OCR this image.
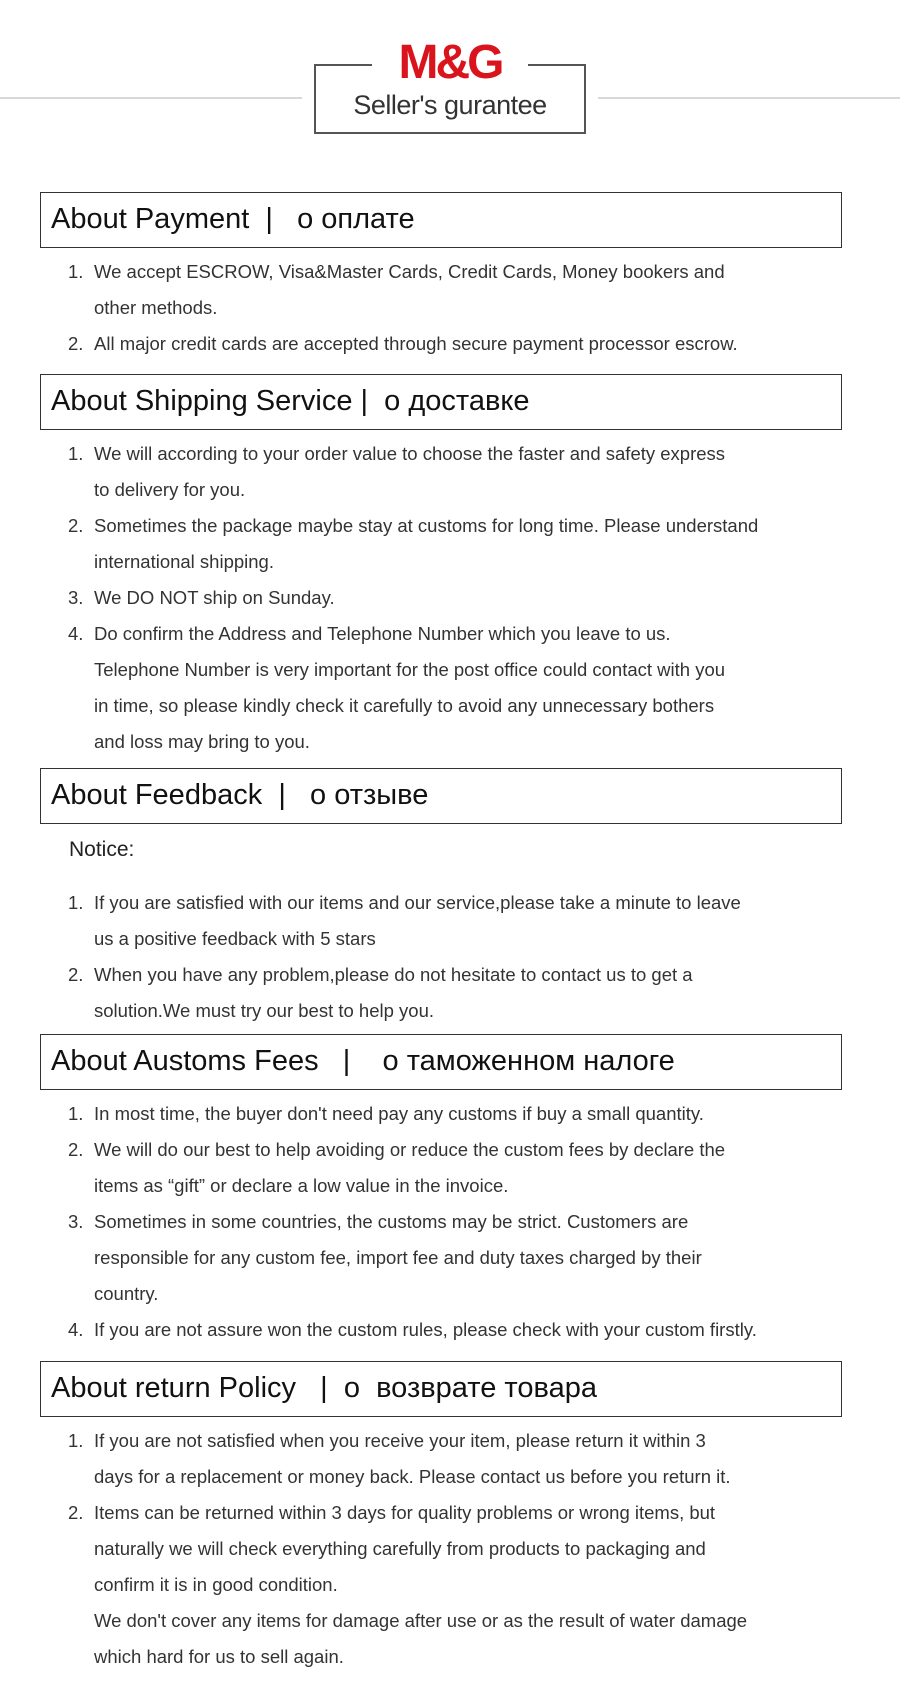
M&G
Seller's gurantee
About Payment  |   о оплате
1. We accept ESCROW, Visa&Master Cards, Credit Cards, Money bookers and
other methods.
2. All major credit cards are accepted through secure payment processor escrow.
About Shipping Service |  о доставке
1. We will according to your order value to choose the faster and safety express
to delivery for you.
2. Sometimes the package maybe stay at customs for long time. Please understand
international shipping.
3. We DO NOT ship on Sunday.
4. Do confirm the Address and Telephone Number which you leave to us.
Telephone Number is very important for the post office could contact with you
in time, so please kindly check it carefully to avoid any unnecessary bothers
and loss may bring to you.
About Feedback  |   о отзыве
Notice:
1. If you are satisfied with our items and our service,please take a minute to leave
us a positive feedback with 5 stars
2. When you have any problem,please do not hesitate to contact us to get a
solution.We must try our best to help you.
About Austoms Fees   |    о таможенном налоге
1. In most time, the buyer don't need pay any customs if buy a small quantity.
2. We will do our best to help avoiding or reduce the custom fees by declare the
items as “gift” or declare a low value in the invoice.
3. Sometimes in some countries, the customs may be strict. Customers are
responsible for any custom fee, import fee and duty taxes charged by their
country.
4. If you are not assure won the custom rules, please check with your custom firstly.
About return Policy   |  о  возврате товара
1. If you are not satisfied when you receive your item, please return it within 3
days for a replacement or money back. Please contact us before you return it.
2. Items can be returned within 3 days for quality problems or wrong items, but
naturally we will check everything carefully from products to packaging and
confirm it is in good condition.
We don't cover any items for damage after use or as the result of water damage
which hard for us to sell again.
